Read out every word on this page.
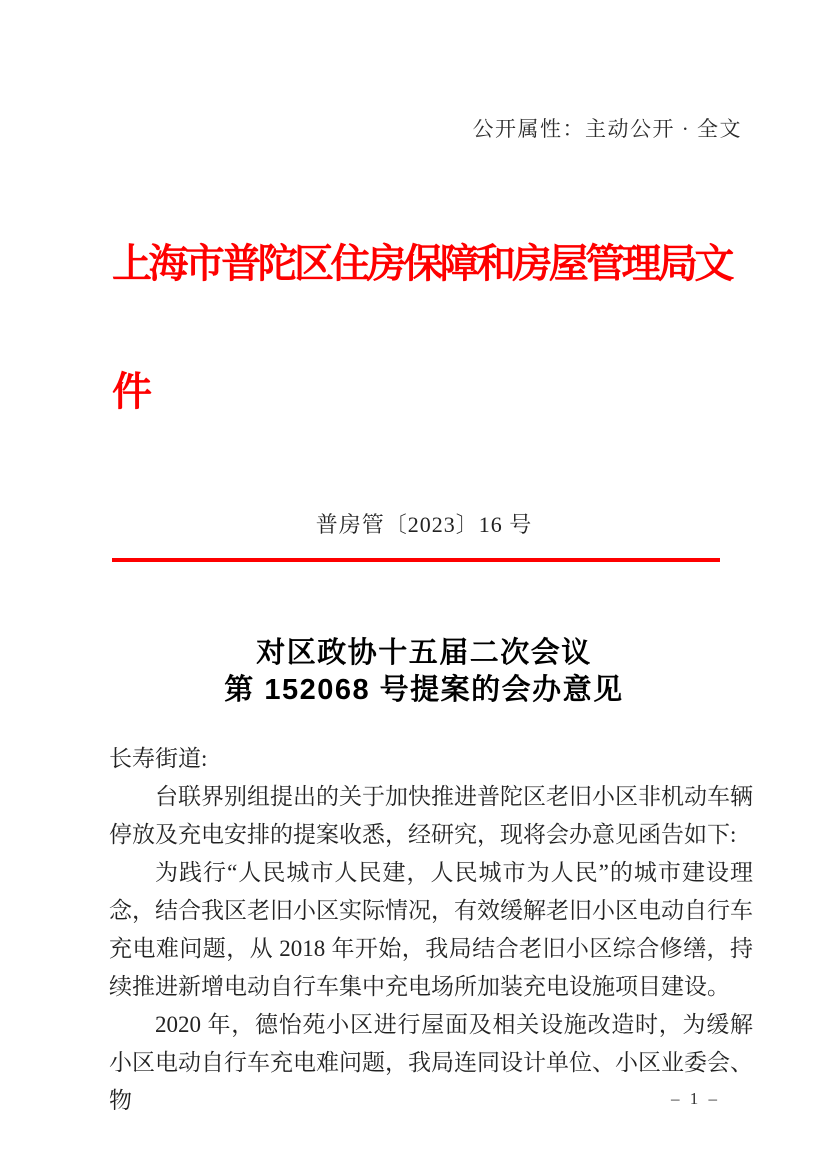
公开属性：主动公开 · 全文
上海市普陀区住房保障和房屋管理局文件
普房管〔2023〕16 号
对区政协十五届二次会议
第 152068 号提案的会办意见

长寿街道:

台联界别组提出的关于加快推进普陀区老旧小区非机动车辆停放及充电安排的提案收悉，经研究，现将会办意见函告如下:

为践行“人民城市人民建，人民城市为人民”的城市建设理念，结合我区老旧小区实际情况，有效缓解老旧小区电动自行车充电难问题，从 2018 年开始，我局结合老旧小区综合修缮，持续推进新增电动自行车集中充电场所加装充电设施项目建设。

2020 年，德怡苑小区进行屋面及相关设施改造时，为缓解小区电动自行车充电难问题，我局连同设计单位、小区业委会、物	– 1 –
